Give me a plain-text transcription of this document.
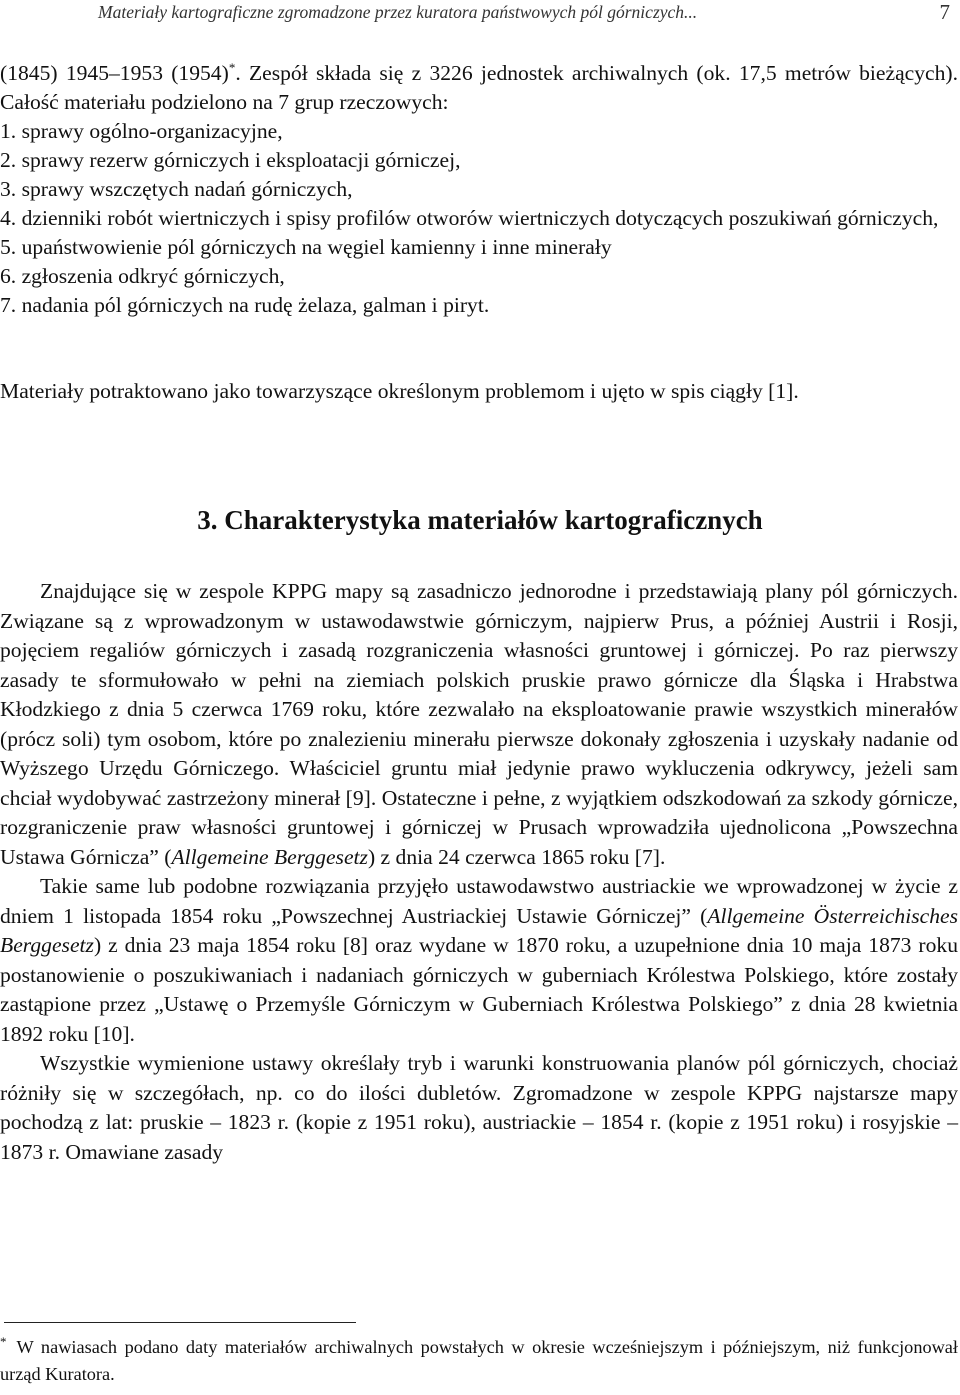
Materiały kartograficzne zgromadzone przez kuratora państwowych pól górniczych...	7

(1845) 1945–1953 (1954)*. Zespół składa się z 3226 jednostek archiwalnych (ok. 17,5 metrów bieżących). Całość materiału podzielono na 7 grup rzeczowych:

1. sprawy ogólno-organizacyjne,
2. sprawy rezerw górniczych i eksploatacji górniczej,
3. sprawy wszczętych nadań górniczych,
4. dzienniki robót wiertniczych i spisy profilów otworów wiertniczych dotyczących poszukiwań górniczych,
5. upaństwowienie pól górniczych na węgiel kamienny i inne minerały
6. zgłoszenia odkryć górniczych,
7. nadania pól górniczych na rudę żelaza, galman i piryt.

Materiały potraktowano jako towarzyszące określonym problemom i ujęto w spis ciągły [1].

3. Charakterystyka materiałów kartograficznych

Znajdujące się w zespole KPPG mapy są zasadniczo jednorodne i przedstawiają plany pól górniczych. Związane są z wprowadzonym w ustawodawstwie górniczym, najpierw Prus, a później Austrii i Rosji, pojęciem regaliów górniczych i zasadą rozgraniczenia własności gruntowej i górniczej. Po raz pierwszy zasady te sformułowało w pełni na ziemiach polskich pruskie prawo górnicze dla Śląska i Hrabstwa Kłodzkiego z dnia 5 czerwca 1769 roku, które zezwalało na eksploatowanie prawie wszystkich minerałów (prócz soli) tym osobom, które po znalezieniu minerału pierwsze dokonały zgłoszenia i uzyskały nadanie od Wyższego Urzędu Górniczego. Właściciel gruntu miał jedynie prawo wykluczenia odkrywcy, jeżeli sam chciał wydobywać zastrzeżony minerał [9]. Ostateczne i pełne, z wyjątkiem odszkodowań za szkody górnicze, rozgraniczenie praw własności gruntowej i górniczej w Prusach wprowadziła ujednolicona „Powszechna Ustawa Górnicza” (Allgemeine Berggesetz) z dnia 24 czerwca 1865 roku [7].

Takie same lub podobne rozwiązania przyjęło ustawodawstwo austriackie we wprowadzonej w życie z dniem 1 listopada 1854 roku „Powszechnej Austriackiej Ustawie Górniczej” (Allgemeine Österreichisches Berggesetz) z dnia 23 maja 1854 roku [8] oraz wydane w 1870 roku, a uzupełnione dnia 10 maja 1873 roku postanowienie o poszukiwaniach i nadaniach górniczych w guberniach Królestwa Polskiego, które zostały zastąpione przez „Ustawę o Przemyśle Górniczym w Guberniach Królestwa Polskiego” z dnia 28 kwietnia 1892 roku [10].

Wszystkie wymienione ustawy określały tryb i warunki konstruowania planów pól górniczych, chociaż różniły się w szczegółach, np. co do ilości dubletów. Zgromadzone w zespole KPPG najstarsze mapy pochodzą z lat: pruskie – 1823 r. (kopie z 1951 roku), austriackie – 1854 r. (kopie z 1951 roku) i rosyjskie – 1873 r. Omawiane zasady

* W nawiasach podano daty materiałów archiwalnych powstałych w okresie wcześniejszym i późniejszym, niż funkcjonował urząd Kuratora.
